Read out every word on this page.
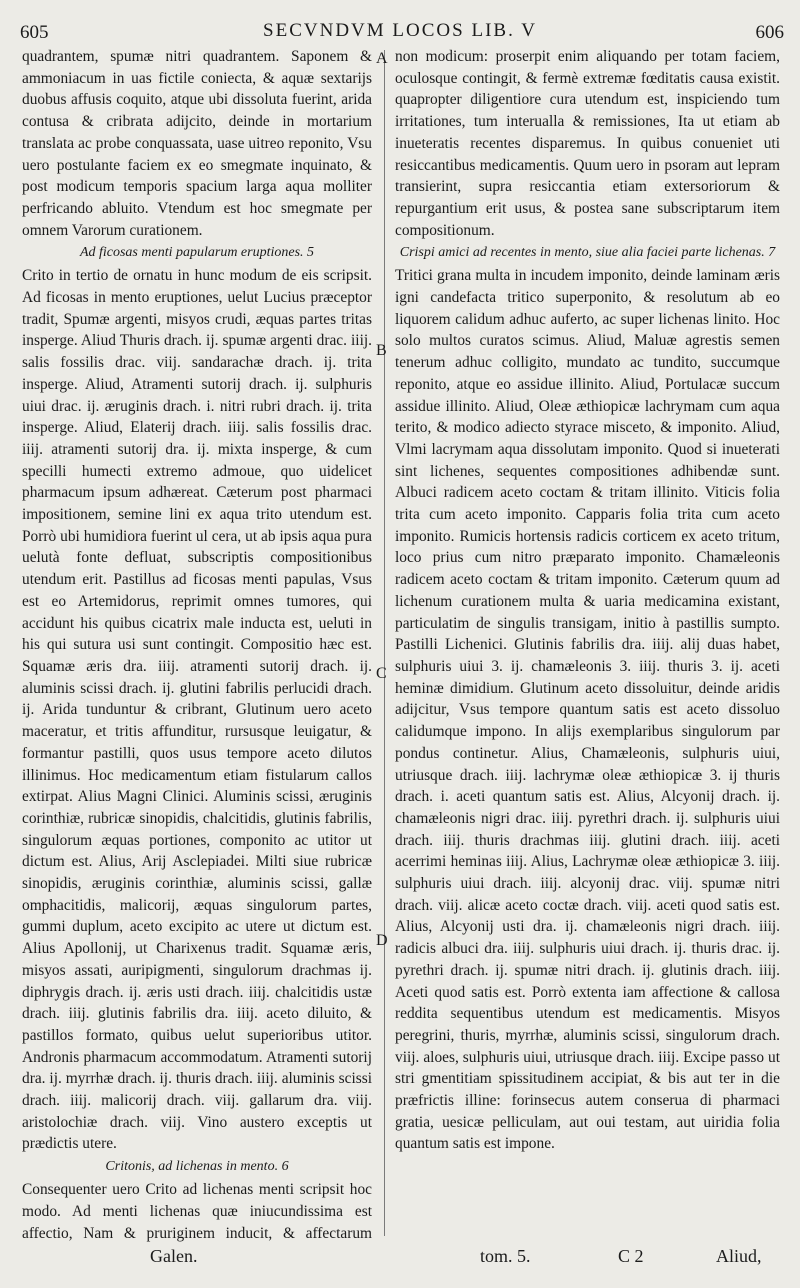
605	SECVNDVM LOCOS LIB. V	606
A
B
C
D

quadrantem, spumæ nitri quadrantem. Saponem & ammoniacum in uas fictile coniecta, & aquæ sextarijs duobus affusis coquito, atque ubi dissoluta fuerint, arida contusa & cribrata adijcito, deinde in mortarium translata ac probe conquassata, uase uitreo reponito, Vsu uero postulante faciem ex eo smegmate inquinato, & post modicum temporis spacium larga aqua molliter perfricando abluito. Vtendum est hoc smegmate per omnem Varorum curationem.

Ad ficosas menti papularum eruptiones. 5

Crito in tertio de ornatu in hunc modum de eis scripsit. Ad ficosas in mento eruptiones, uelut Lucius præceptor tradit, Spumæ argenti, misyos crudi, æquas partes tritas insperge. Aliud Thuris drach. ij. spumæ argenti drac. iiij. salis fossilis drac. viij. sandarachæ drach. ij. trita insperge. Aliud, Atramenti sutorij drach. ij. sulphuris uiui drac. ij. æruginis drach. i. nitri rubri drach. ij. trita insperge. Aliud, Elaterij drach. iiij. salis fossilis drac. iiij. atramenti sutorij dra. ij. mixta insperge, & cum specilli humecti extremo admoue, quo uidelicet pharmacum ipsum adhæreat. Cæterum post pharmaci impositionem, semine lini ex aqua trito utendum est. Porrò ubi humidiora fuerint ul cera, ut ab ipsis aqua pura uelutà fonte defluat, subscriptis compositionibus utendum erit. Pastillus ad ficosas menti papulas, Vsus est eo Artemidorus, reprimit omnes tumores, qui accidunt his quibus cicatrix male inducta est, ueluti in his qui sutura usi sunt contingit. Compositio hæc est. Squamæ æris dra. iiij. atramenti sutorij drach. ij. aluminis scissi drach. ij. glutini fabrilis perlucidi drach. ij. Arida tunduntur & cribrant, Glutinum uero aceto maceratur, et tritis affunditur, rursusque leuigatur, & formantur pastilli, quos usus tempore aceto dilutos illinimus. Hoc medicamentum etiam fistularum callos extirpat. Alius Magni Clinici. Aluminis scissi, æruginis corinthiæ, rubricæ sinopidis, chalcitidis, glutinis fabrilis, singulorum æquas portiones, componito ac utitor ut dictum est. Alius, Arij Asclepiadei. Milti siue rubricæ sinopidis, æruginis corinthiæ, aluminis scissi, gallæ omphacitidis, malicorij, æquas singulorum partes, gummi duplum, aceto excipito ac utere ut dictum est. Alius Apollonij, ut Charixenus tradit. Squamæ æris, misyos assati, auripigmenti, singulorum drachmas ij. diphrygis drach. ij. æris usti drach. iiij. chalcitidis ustæ drach. iiij. glutinis fabrilis dra. iiij. aceto diluito, & pastillos formato, quibus uelut superioribus utitor. Andronis pharmacum accommodatum. Atramenti sutorij dra. ij. myrrhæ drach. ij. thuris drach. iiij. aluminis scissi drach. iiij. malicorij drach. viij. gallarum dra. viij. aristolochiæ drach. viij. Vino austero exceptis ut prædictis utere.

Critonis, ad lichenas in mento. 6

Consequenter uero Crito ad lichenas menti scripsit hoc modo. Ad menti lichenas quæ iniucundissima est affectio, Nam & pruriginem inducit, & affectarum

non modicum: proserpit enim aliquando per totam faciem, oculosque contingit, & fermè extremæ fœditatis causa existit. quapropter diligentiore cura utendum est, inspiciendo tum irritationes, tum interualla & remissiones, Ita ut etiam ab inueteratis recentes disparemus. In quibus conueniet uti resiccantibus medicamentis. Quum uero in psoram aut lepram transierint, supra resiccantia etiam extersoriorum & repurgantium erit usus, & postea sane subscriptarum item compositionum.

Crispi amici ad recentes in mento, siue alia faciei parte lichenas. 7

Tritici grana multa in incudem imponito, deinde laminam æris igni candefacta tritico superponito, & resolutum ab eo liquorem calidum adhuc auferto, ac super lichenas linito. Hoc solo multos curatos scimus. Aliud, Maluæ agrestis semen tenerum adhuc colligito, mundato ac tundito, succumque reponito, atque eo assidue illinito. Aliud, Portulacæ succum assidue illinito. Aliud, Oleæ æthiopicæ lachrymam cum aqua terito, & modico adiecto styrace misceto, & imponito. Aliud, Vlmi lacrymam aqua dissolutam imponito. Quod si inueterati sint lichenes, sequentes compositiones adhibendæ sunt. Albuci radicem aceto coctam & tritam illinito. Viticis folia trita cum aceto imponito. Capparis folia trita cum aceto imponito. Rumicis hortensis radicis corticem ex aceto tritum, loco prius cum nitro præparato imponito. Chamæleonis radicem aceto coctam & tritam imponito. Cæterum quum ad lichenum curationem multa & uaria medicamina existant, particulatim de singulis transigam, initio à pastillis sumpto. Pastilli Lichenici. Glutinis fabrilis dra. iiij. alij duas habet, sulphuris uiui 3. ij. chamæleonis 3. iiij. thuris 3. ij. aceti heminæ dimidium. Glutinum aceto dissoluitur, deinde aridis adijcitur, Vsus tempore quantum satis est aceto dissoluo calidumque impono. In alijs exemplaribus singulorum par pondus continetur. Alius, Chamæleonis, sulphuris uiui, utriusque drach. iiij. lachrymæ oleæ æthiopicæ 3. ij thuris drach. i. aceti quantum satis est. Alius, Alcyonij drach. ij. chamæleonis nigri drac. iiij. pyrethri drach. ij. sulphuris uiui drach. iiij. thuris drachmas iiij. glutini drach. iiij. aceti acerrimi heminas iiij. Alius, Lachrymæ oleæ æthiopicæ 3. iiij. sulphuris uiui drach. iiij. alcyonij drac. viij. spumæ nitri drach. viij. alicæ aceto coctæ drach. viij. aceti quod satis est. Alius, Alcyonij usti dra. ij. chamæleonis nigri drach. iiij. radicis albuci dra. iiij. sulphuris uiui drach. ij. thuris drac. ij. pyrethri drach. ij. spumæ nitri drach. ij. glutinis drach. iiij. Aceti quod satis est. Porrò extenta iam affectione & callosa reddita sequentibus utendum est medicamentis. Misyos peregrini, thuris, myrrhæ, aluminis scissi, singulorum drach. viij. aloes, sulphuris uiui, utriusque drach. iiij. Excipe passo ut stri gmentitiam spissitudinem accipiat, & bis aut ter in die præfrictis illine: forinsecus autem conserua di pharmaci gratia, uesicæ pelliculam, aut oui testam, aut uiridia folia quantum satis est impone.

Galen.	tom. 5.	C 2	Aliud,
